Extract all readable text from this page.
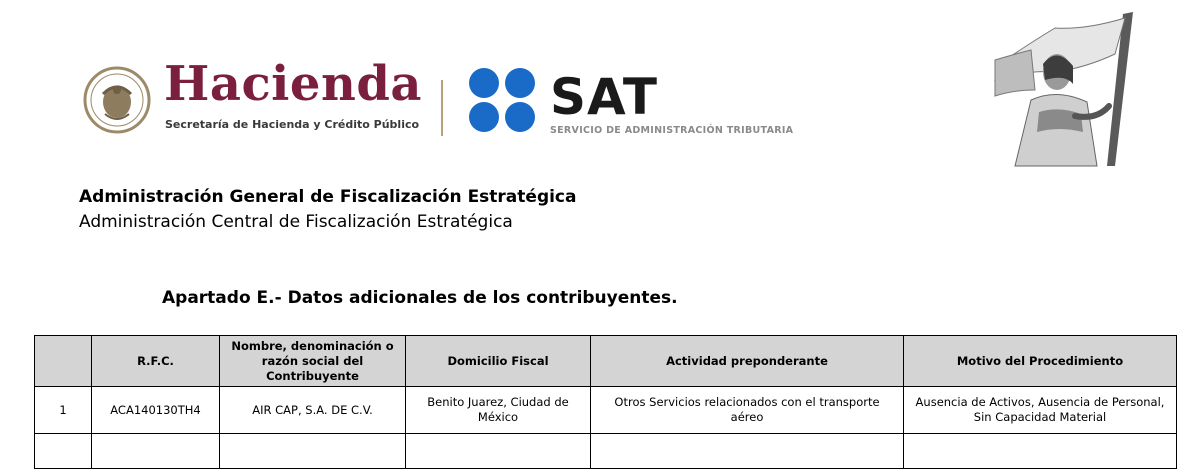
Hacienda
Secretaría de Hacienda y Crédito Público	SAT
SERVICIO DE ADMINISTRACIÓN TRIBUTARIA
Administración General de Fiscalización Estratégica
Administración Central de Fiscalización Estratégica
Apartado E.- Datos adicionales de los contribuyentes.
	R.F.C.	Nombre, denominación o razón social del Contribuyente	Domicilio Fiscal	Actividad preponderante	Motivo del Procedimiento
1	ACA140130TH4	AIR CAP, S.A. DE C.V.	Benito Juarez, Ciudad de México	Otros Servicios relacionados con el transporte aéreo	Ausencia de Activos, Ausencia de Personal, Sin Capacidad Material
